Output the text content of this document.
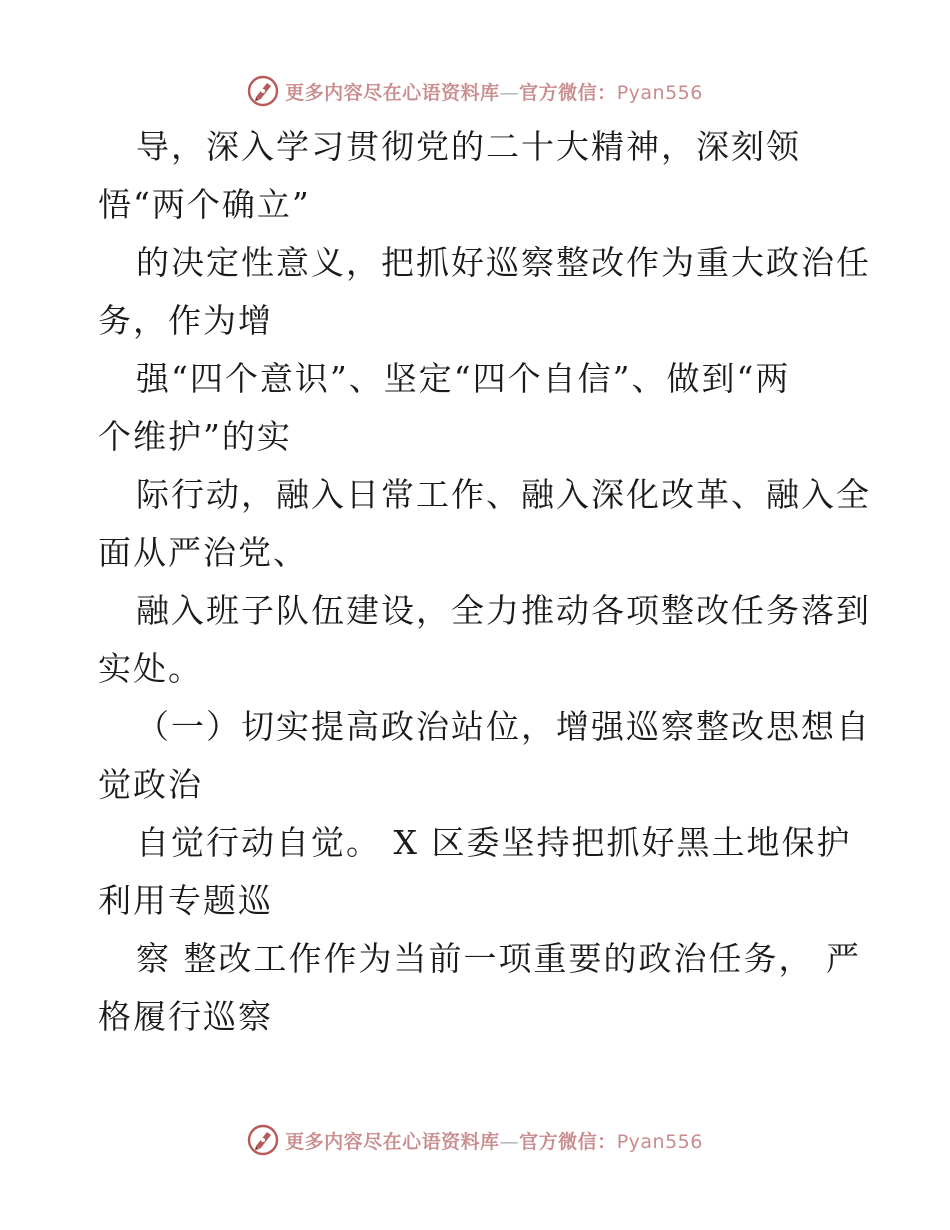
更多内容尽在心语资料库—官方微信：Pyan556
导，深入学习贯彻党的二十大精神，深刻领
悟“两个确立”
的决定性意义，把抓好巡察整改作为重大政治任
务，作为增
强“四个意识”、坚定“四个自信”、做到“两
个维护”的实
际行动，融入日常工作、融入深化改革、融入全
面从严治党、
融入班子队伍建设，全力推动各项整改任务落到
实处。
（一）切实提高政治站位，增强巡察整改思想自
觉政治
自觉行动自觉。 X 区委坚持把抓好黑土地保护
利用专题巡
察 整改工作作为当前一项重要的政治任务， 严
格履行巡察
更多内容尽在心语资料库—官方微信：Pyan556
